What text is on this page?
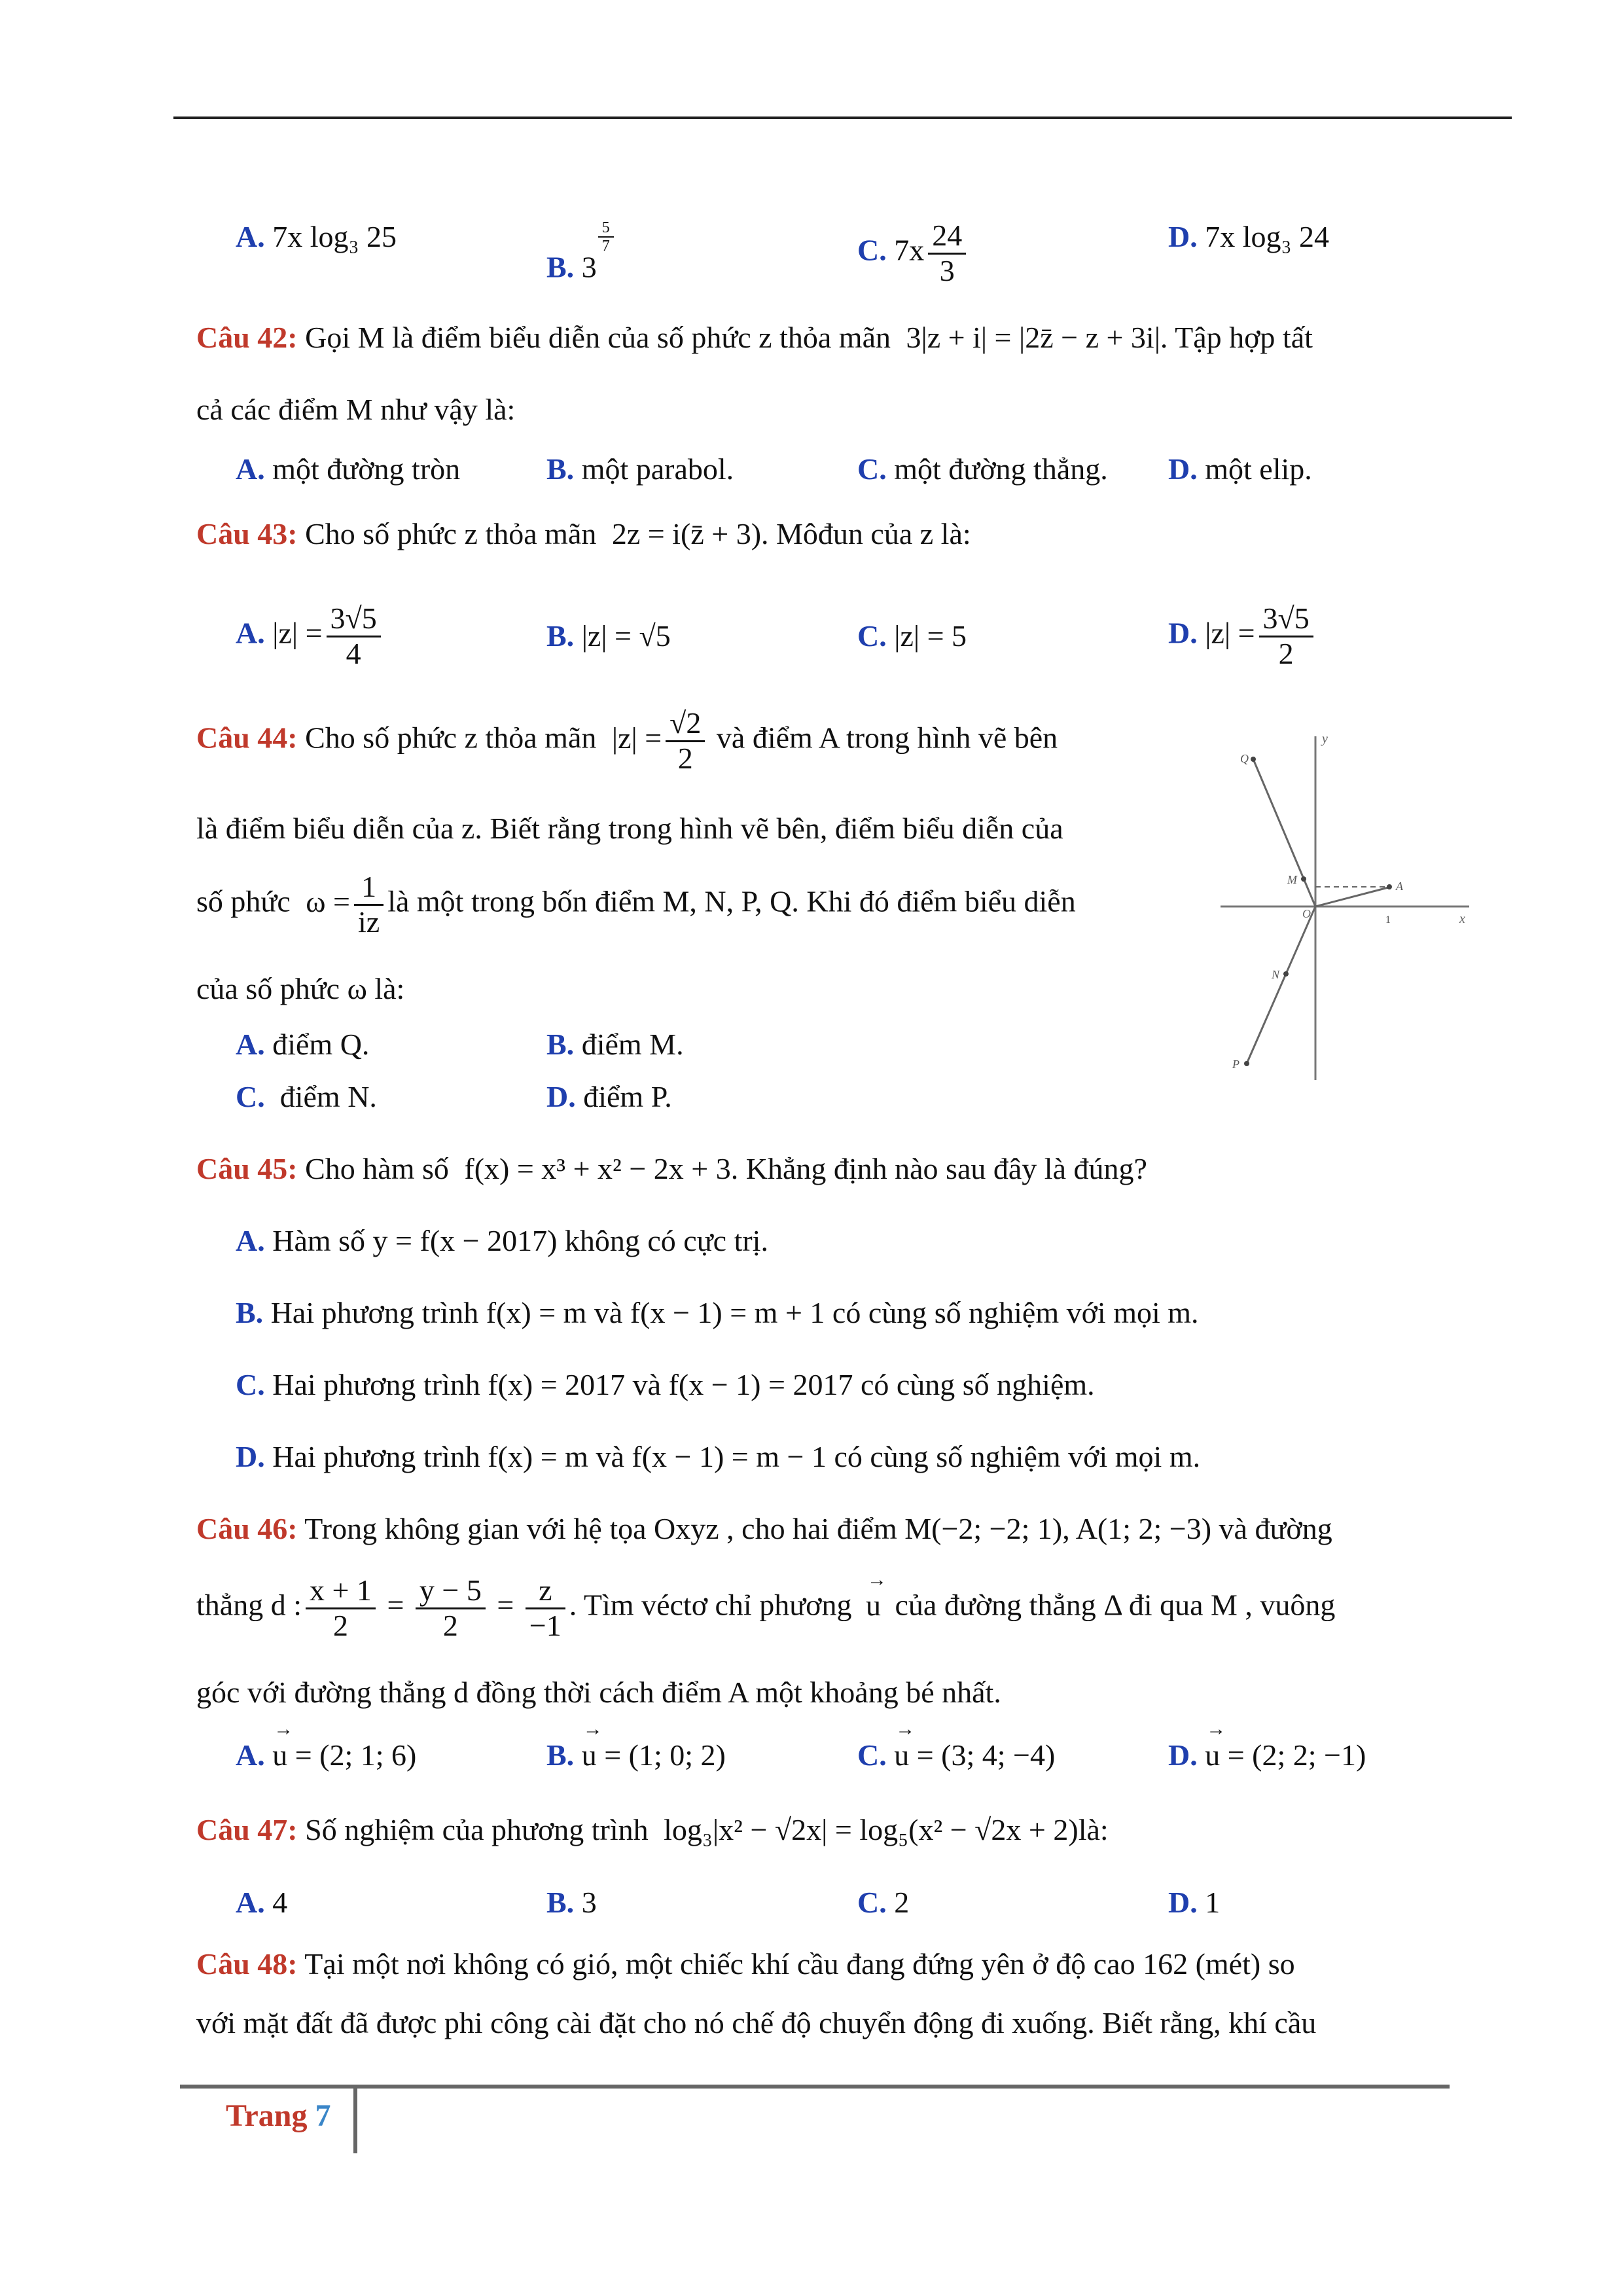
A. 7x log₃ 25
B. 3
$\frac{5}{7}$	C. $7x \frac{24}{3}$	D. 7x log₃ 24
Câu 42: Gọi M là điểm biểu diễn của số phức z thỏa mãn 3|z + i| = |2z̄ − z + 3i|. Tập hợp tất
cả các điểm M như vậy là:
A. một đường tròn	B. một parabol.	C. một đường thẳng. D. một elip.
Câu 43: Cho số phức z thỏa mãn 2z = i(z̄ + 3). Môđun của z là:
A. $|z| = \frac{3√5}{4}$	B. |z| = √5	C. |z| = 5	D. $|z| = \frac{3√5}{2}$
Câu 44: Cho số phức z thỏa mãn $|z| = \frac{√2}{2}$ và điểm A trong hình vẽ bên
là điểm biểu diễn của z. Biết rằng trong hình vẽ bên, điểm biểu diễn của
số phức $\omega = \frac{1}{iz}$ là một trong bốn điểm M, N, P, Q. Khi đó điểm biểu diễn
của số phức ω là:
A. điểm Q.	B. điểm M.
C. điểm N.	D. điểm P.
y
x
O
Q
M	A
1
N
P
Câu 45: Cho hàm số f(x) = x³ + x² − 2x + 3. Khẳng định nào sau đây là đúng?
A. Hàm số y = f(x − 2017) không có cực trị.
B. Hai phương trình f(x) = m và f(x − 1) = m + 1 có cùng số nghiệm với mọi m.
C. Hai phương trình f(x) = 2017 và f(x − 1) = 2017 có cùng số nghiệm.
D. Hai phương trình f(x) = m và f(x − 1) = m − 1 có cùng số nghiệm với mọi m.
Câu 46: Trong không gian với hệ tọa Oxyz , cho hai điểm M(−2; −2; 1), A(1; 2; −3) và đường
thẳng d : $\frac{x + 1}{2} = \frac{y - 5}{2} = \frac{z}{-1}$ . Tìm véctơ chỉ phương → u của đường thẳng Δ đi qua M , vuông
góc với đường thẳng d đồng thời cách điểm A một khoảng bé nhất.
A. → u = (2; 1; 6)	B. → u = (1; 0; 2)	C. → u = (3; 4; −4)	D. → u = (2; 2; −1)
Câu 47: Số nghiệm của phương trình log₃|x² − √2x| = log₅(x² − √2x + 2)là:
A. 4	B. 3	C. 2	D. 1
Câu 48: Tại một nơi không có gió, một chiếc khí cầu đang đứng yên ở độ cao 162 (mét) so
với mặt đất đã được phi công cài đặt cho nó chế độ chuyển động đi xuống. Biết rằng, khí cầu
Trang 7
